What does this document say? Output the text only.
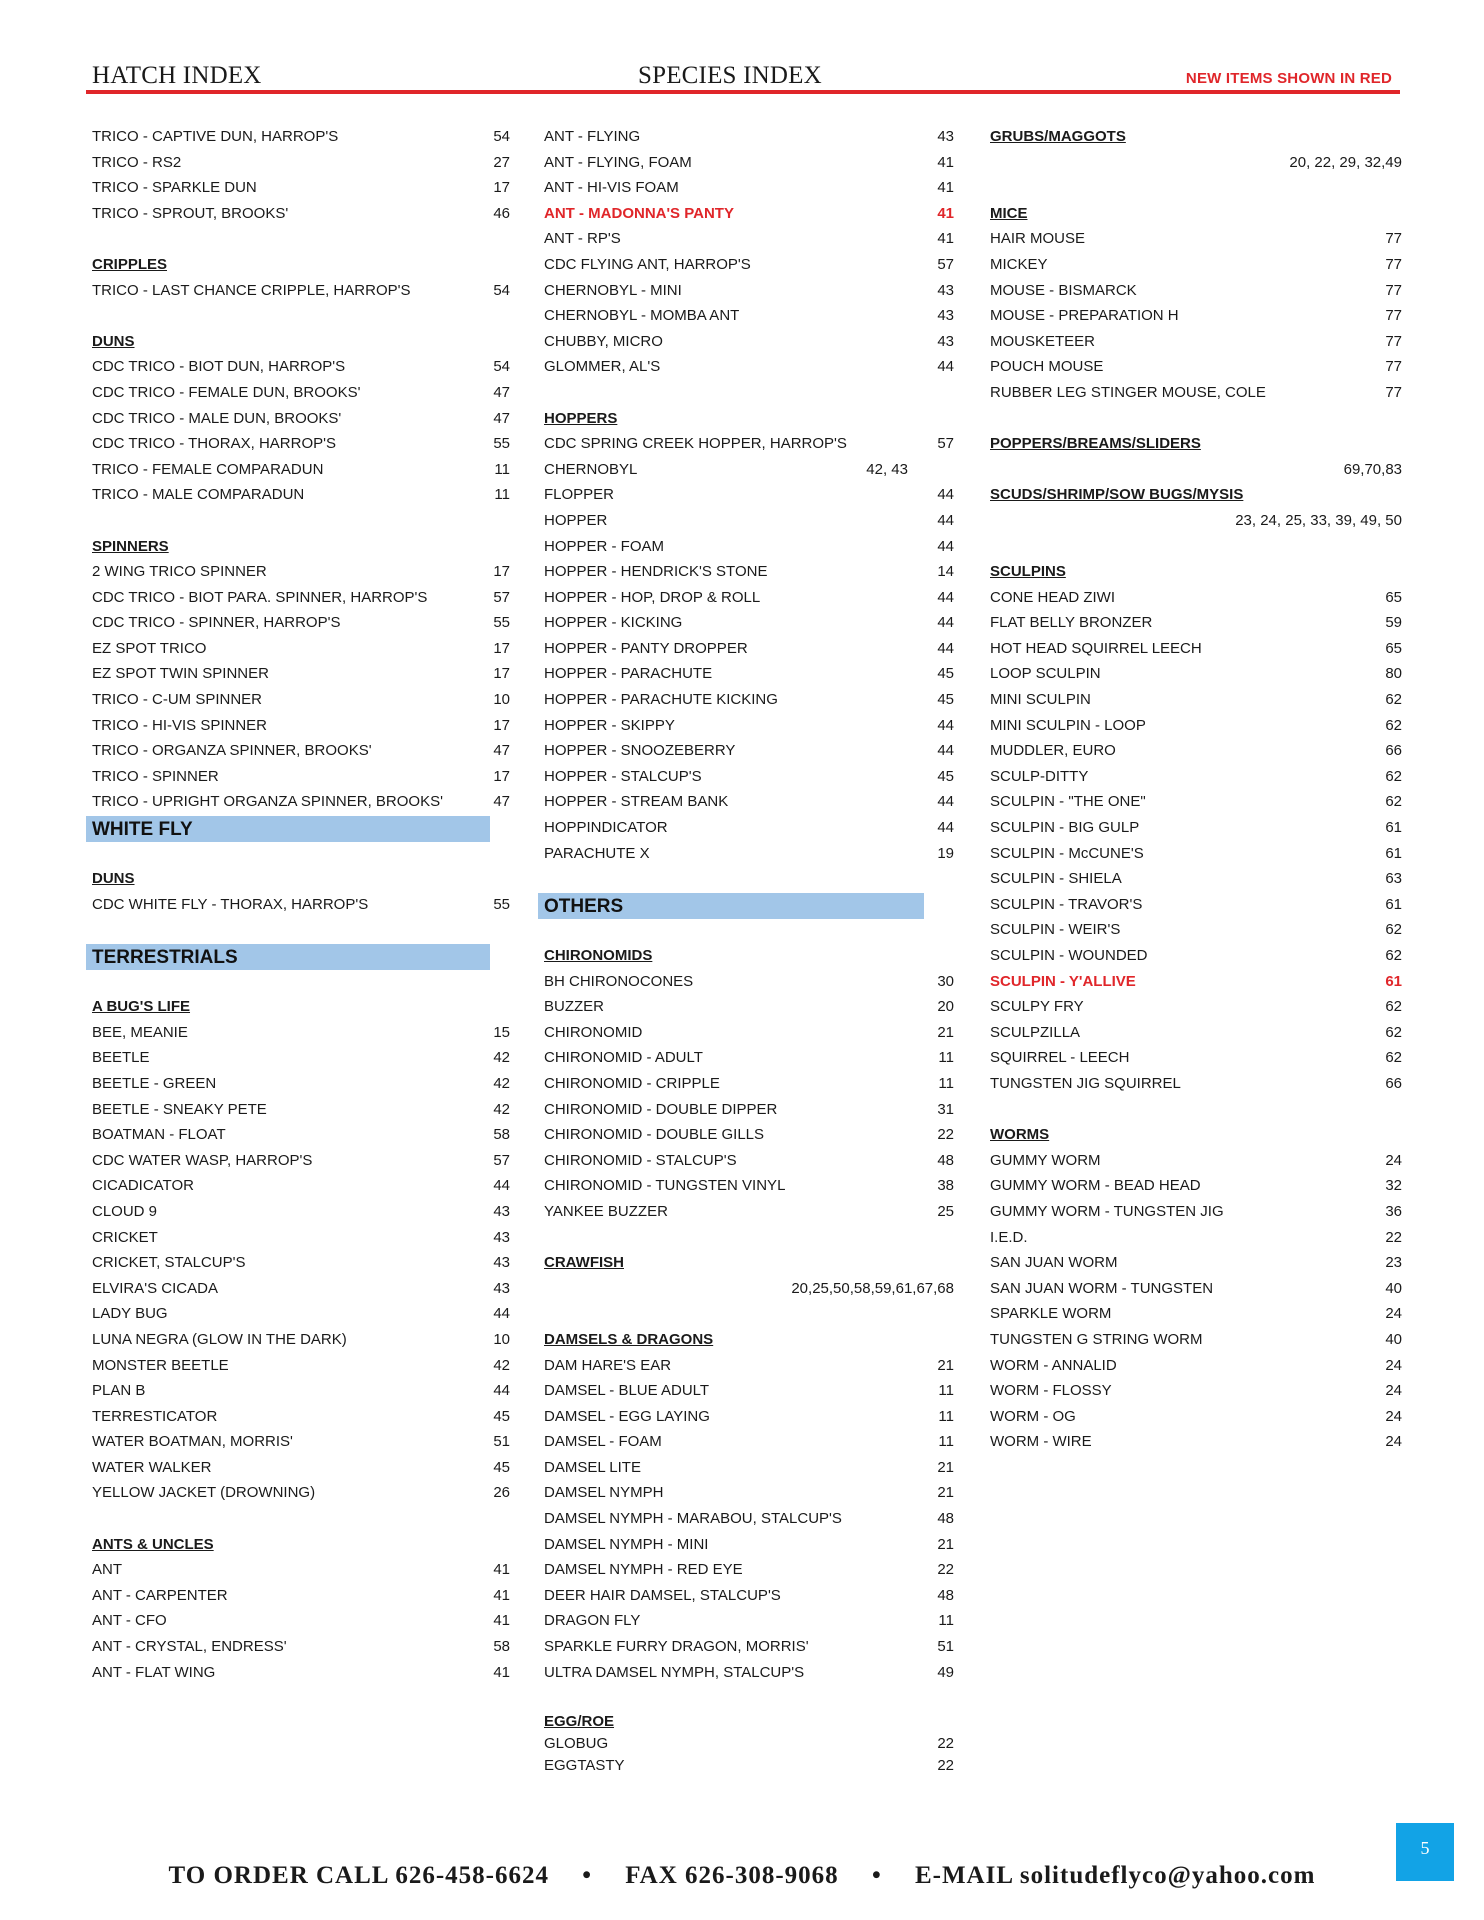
HATCH INDEX	SPECIES INDEX	NEW ITEMS SHOWN IN RED
TRICO - CAPTIVE DUN, HARROP'S	54
TRICO - RS2	27
TRICO - SPARKLE DUN	17
TRICO - SPROUT, BROOKS'	46
CRIPPLES
TRICO - LAST CHANCE CRIPPLE, HARROP'S	54
DUNS
CDC TRICO - BIOT DUN, HARROP'S	54
CDC TRICO - FEMALE DUN, BROOKS'	47
CDC TRICO - MALE DUN, BROOKS'	47
CDC TRICO - THORAX, HARROP'S	55
TRICO - FEMALE COMPARADUN	11
TRICO - MALE COMPARADUN	11
SPINNERS
2 WING TRICO SPINNER	17
CDC TRICO - BIOT PARA. SPINNER, HARROP'S	57
CDC TRICO - SPINNER, HARROP'S	55
EZ SPOT TRICO	17
EZ SPOT TWIN SPINNER	17
TRICO - C-UM SPINNER	10
TRICO - HI-VIS SPINNER	17
TRICO - ORGANZA SPINNER, BROOKS'	47
TRICO - SPINNER	17
TRICO - UPRIGHT ORGANZA SPINNER, BROOKS'	47
WHITE FLY
DUNS
CDC WHITE FLY - THORAX, HARROP'S	55
TERRESTRIALS
A BUG'S LIFE
BEE, MEANIE	15
BEETLE	42
BEETLE - GREEN	42
BEETLE - SNEAKY PETE	42
BOATMAN - FLOAT	58
CDC WATER WASP, HARROP'S	57
CICADICATOR	44
CLOUD 9	43
CRICKET	43
CRICKET, STALCUP'S	43
ELVIRA'S CICADA	43
LADY BUG	44
LUNA NEGRA (GLOW IN THE DARK)	10
MONSTER BEETLE	42
PLAN B	44
TERRESTICATOR	45
WATER BOATMAN, MORRIS'	51
WATER WALKER	45
YELLOW JACKET (DROWNING)	26
ANTS & UNCLES
ANT	41
ANT - CARPENTER	41
ANT - CFO	41
ANT - CRYSTAL, ENDRESS'	58
ANT - FLAT WING	41
ANT - FLYING	43
ANT - FLYING, FOAM	41
ANT - HI-VIS FOAM	41
ANT - MADONNA'S PANTY	41
ANT - RP'S	41
CDC FLYING ANT, HARROP'S	57
CHERNOBYL - MINI	43
CHERNOBYL - MOMBA ANT	43
CHUBBY, MICRO	43
GLOMMER, AL'S	44
HOPPERS
CDC SPRING CREEK HOPPER, HARROP'S	57
CHERNOBYL	42, 43
FLOPPER	44
HOPPER	44
HOPPER - FOAM	44
HOPPER - HENDRICK'S STONE	14
HOPPER - HOP, DROP & ROLL	44
HOPPER - KICKING	44
HOPPER - PANTY DROPPER	44
HOPPER - PARACHUTE	45
HOPPER - PARACHUTE KICKING	45
HOPPER - SKIPPY	44
HOPPER - SNOOZEBERRY	44
HOPPER - STALCUP'S	45
HOPPER - STREAM BANK	44
HOPPINDICATOR	44
PARACHUTE X	19
OTHERS
CHIRONOMIDS
BH CHIRONOCONES	30
BUZZER	20
CHIRONOMID	21
CHIRONOMID - ADULT	11
CHIRONOMID - CRIPPLE	11
CHIRONOMID - DOUBLE DIPPER	31
CHIRONOMID - DOUBLE GILLS	22
CHIRONOMID - STALCUP'S	48
CHIRONOMID - TUNGSTEN VINYL	38
YANKEE BUZZER	25
CRAWFISH
20,25,50,58,59,61,67,68
DAMSELS & DRAGONS
DAM HARE'S EAR	21
DAMSEL - BLUE ADULT	11
DAMSEL - EGG LAYING	11
DAMSEL - FOAM	11
DAMSEL LITE	21
DAMSEL NYMPH	21
DAMSEL NYMPH - MARABOU, STALCUP'S	48
DAMSEL NYMPH - MINI	21
DAMSEL NYMPH - RED EYE	22
DEER HAIR DAMSEL, STALCUP'S	48
DRAGON FLY	11
SPARKLE FURRY DRAGON, MORRIS'	51
ULTRA DAMSEL NYMPH, STALCUP'S	49
EGG/ROE
GLOBUG	22
EGGTASTY	22
GRUBS/MAGGOTS
20, 22, 29, 32,49
MICE
HAIR MOUSE	77
MICKEY	77
MOUSE - BISMARCK	77
MOUSE - PREPARATION H	77
MOUSKETEER	77
POUCH MOUSE	77
RUBBER LEG STINGER MOUSE, COLE	77
POPPERS/BREAMS/SLIDERS
69,70,83
SCUDS/SHRIMP/SOW BUGS/MYSIS
23, 24, 25, 33, 39, 49, 50
SCULPINS
CONE HEAD ZIWI	65
FLAT BELLY BRONZER	59
HOT HEAD SQUIRREL LEECH	65
LOOP SCULPIN	80
MINI SCULPIN	62
MINI SCULPIN - LOOP	62
MUDDLER, EURO	66
SCULP-DITTY	62
SCULPIN - "THE ONE"	62
SCULPIN - BIG GULP	61
SCULPIN - McCUNE'S	61
SCULPIN - SHIELA	63
SCULPIN - TRAVOR'S	61
SCULPIN - WEIR'S	62
SCULPIN - WOUNDED	62
SCULPIN - Y'ALLIVE	61
SCULPY FRY	62
SCULPZILLA	62
SQUIRREL - LEECH	62
TUNGSTEN JIG SQUIRREL	66
WORMS
GUMMY WORM	24
GUMMY WORM - BEAD HEAD	32
GUMMY WORM - TUNGSTEN JIG	36
I.E.D.	22
SAN JUAN WORM	23
SAN JUAN WORM - TUNGSTEN	40
SPARKLE WORM	24
TUNGSTEN G STRING WORM	40
WORM - ANNALID	24
WORM - FLOSSY	24
WORM - OG	24
WORM - WIRE	24
TO ORDER CALL 626-458-6624 • FAX 626-308-9068 • E-MAIL solitudeflyco@yahoo.com
5
